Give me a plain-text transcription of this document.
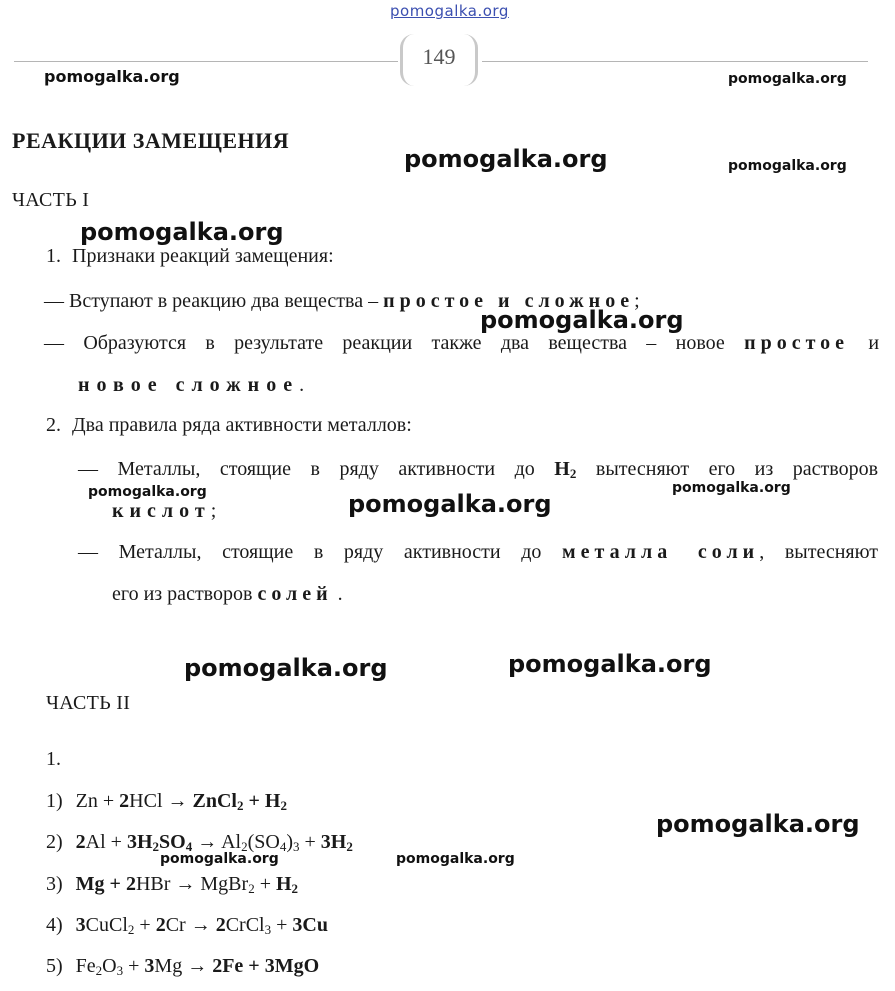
pomogalka.org
149
pomogalka.org	pomogalka.org
РЕАКЦИИ ЗАМЕЩЕНИЯ
pomogalka.org	pomogalka.org
ЧАСТЬ I
pomogalka.org
1. Признаки реакций замещения:
— Вступают в реакцию два вещества – простое и сложное;
pomogalka.org
— Образуются в результате реакции также два вещества – новое простое и
новое сложное.
2. Два правила ряда активности металлов:
— Металлы, стоящие в ряду активности до $H_2$ вытесняют его из растворов
pomogalka.org	pomogalka.org
кислот;	pomogalka.org
— Металлы, стоящие в ряду активности до металла соли, вытесняют
его из растворов солей .
pomogalka.org	pomogalka.org
ЧАСТЬ II
1.
1) Zn + 2HCl → ZnCl$_2$ + $H_2$
2) $2Al + 3H_2SO_4 \to Al_2(SO_4)_3 + 3H_2$
pomogalka.org
pomogalka.org	pomogalka.org
3) Mg + 2HBr → MgBr$_2$ + $H_2$
4) 3CuCl$_2$ + 2Cr → 2CrCl$_3$ + 3Cu
5) $Fe_2O_3 + 3Mg \to 2Fe + 3MgO$
